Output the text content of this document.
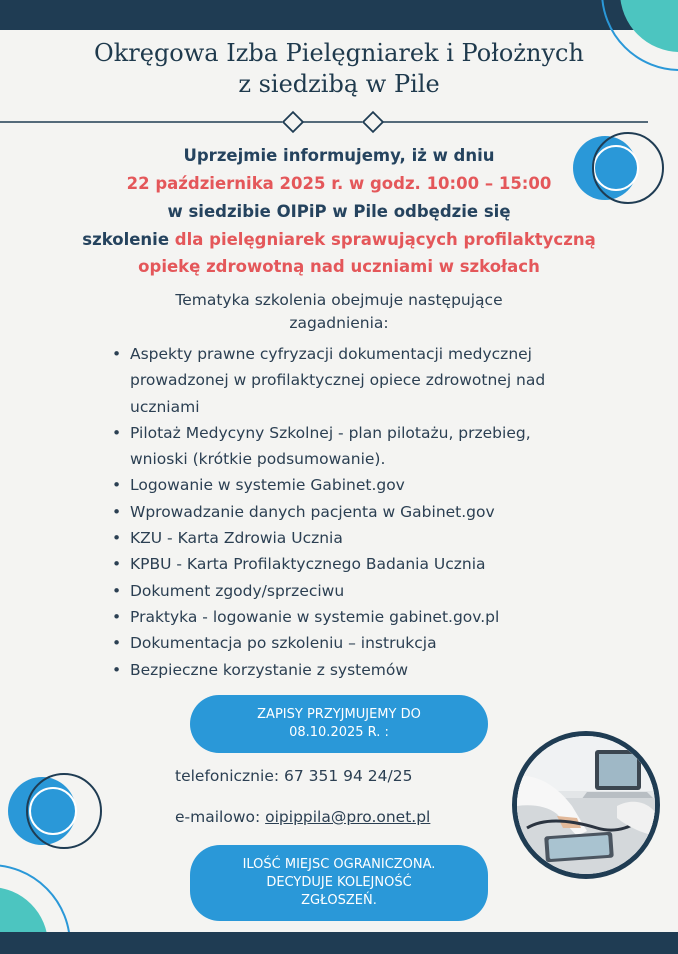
Okręgowa Izba Pielęgniarek i Położnych
z siedzibą w Pile
Uprzejmie informujemy, iż w dniu
22 października 2025 r. w godz. 10:00 – 15:00
w siedzibie OIPiP w Pile odbędzie się
szkolenie dla pielęgniarek sprawujących profilaktyczną
opiekę zdrowotną nad uczniami w szkołach
Tematyka szkolenia obejmuje następujące
zagadnienia:
• Aspekty prawne cyfryzacji dokumentacji medycznej prowadzonej w profilaktycznej opiece zdrowotnej nad uczniami
• Pilotaż Medycyny Szkolnej - plan pilotażu, przebieg, wnioski (krótkie podsumowanie).
• Logowanie w systemie Gabinet.gov
• Wprowadzanie danych pacjenta w Gabinet.gov
• KZU - Karta Zdrowia Ucznia
• KPBU - Karta Profilaktycznego Badania Ucznia
• Dokument zgody/sprzeciwu
• Praktyka - logowanie w systemie gabinet.gov.pl
• Dokumentacja po szkoleniu – instrukcja
• Bezpieczne korzystanie z systemów
ZAPISY PRZYJMUJEMY DO
08.10.2025 R. :
telefonicznie: 67 351 94 24/25
e-mailowo: oipippila@pro.onet.pl
ILOŚĆ MIEJSC OGRANICZONA.
DECYDUJE KOLEJNOŚĆ
ZGŁOSZEŃ.
